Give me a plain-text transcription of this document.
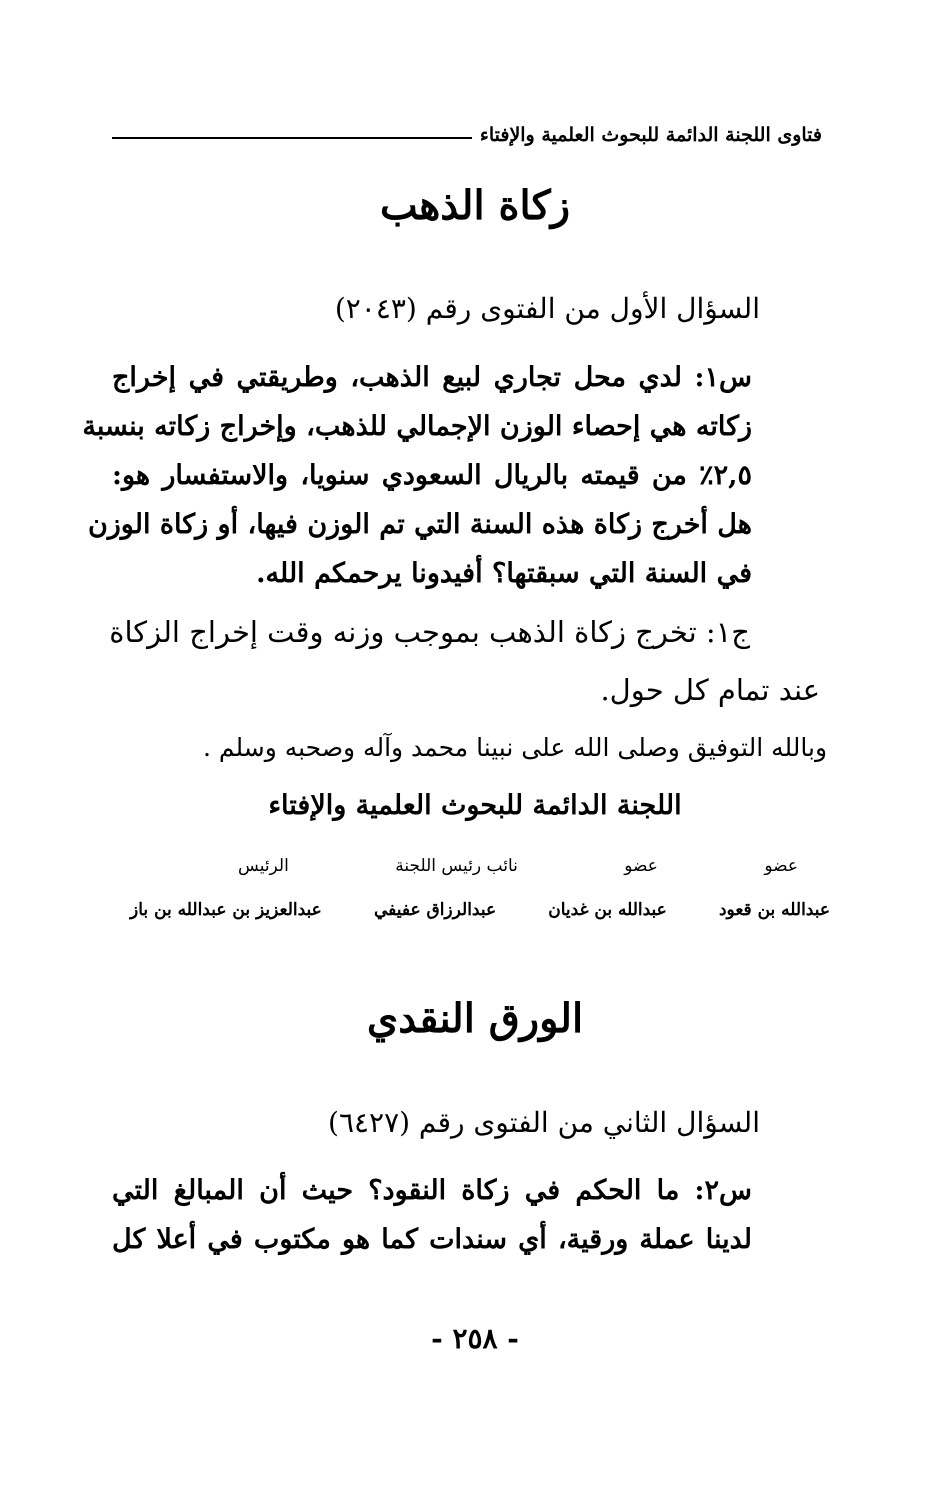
فتاوى اللجنة الدائمة للبحوث العلمية والإفتاء
زكاة الذهب
السؤال الأول من الفتوى رقم (٢٠٤٣)
س١: لدي محل تجاري لبيع الذهب، وطريقتي في إخراج
زكاته هي إحصاء الوزن الإجمالي للذهب، وإخراج زكاته بنسبة
٢,٥٪ من قيمته بالريال السعودي سنويا، والاستفسار هو:
هل أخرج زكاة هذه السنة التي تم الوزن فيها، أو زكاة الوزن
في السنة التي سبقتها؟ أفيدونا يرحمكم الله.
ج١: تخرج زكاة الذهب بموجب وزنه وقت إخراج الزكاة
عند تمام كل حول.
وبالله التوفيق وصلى الله على نبينا محمد وآله وصحبه وسلم .
اللجنة الدائمة للبحوث العلمية والإفتاء
عضو
عضو
نائب رئيس اللجنة
الرئيس
عبدالله بن قعود
عبدالله بن غديان
عبدالرزاق عفيفي
عبدالعزيز بن عبدالله بن باز
الورق النقدي
السؤال الثاني من الفتوى رقم (٦٤٢٧)
س٢: ما الحكم في زكاة النقود؟ حيث أن المبالغ التي
لدينا عملة ورقية، أي سندات كما هو مكتوب في أعلا كل
- ٢٥٨ -
